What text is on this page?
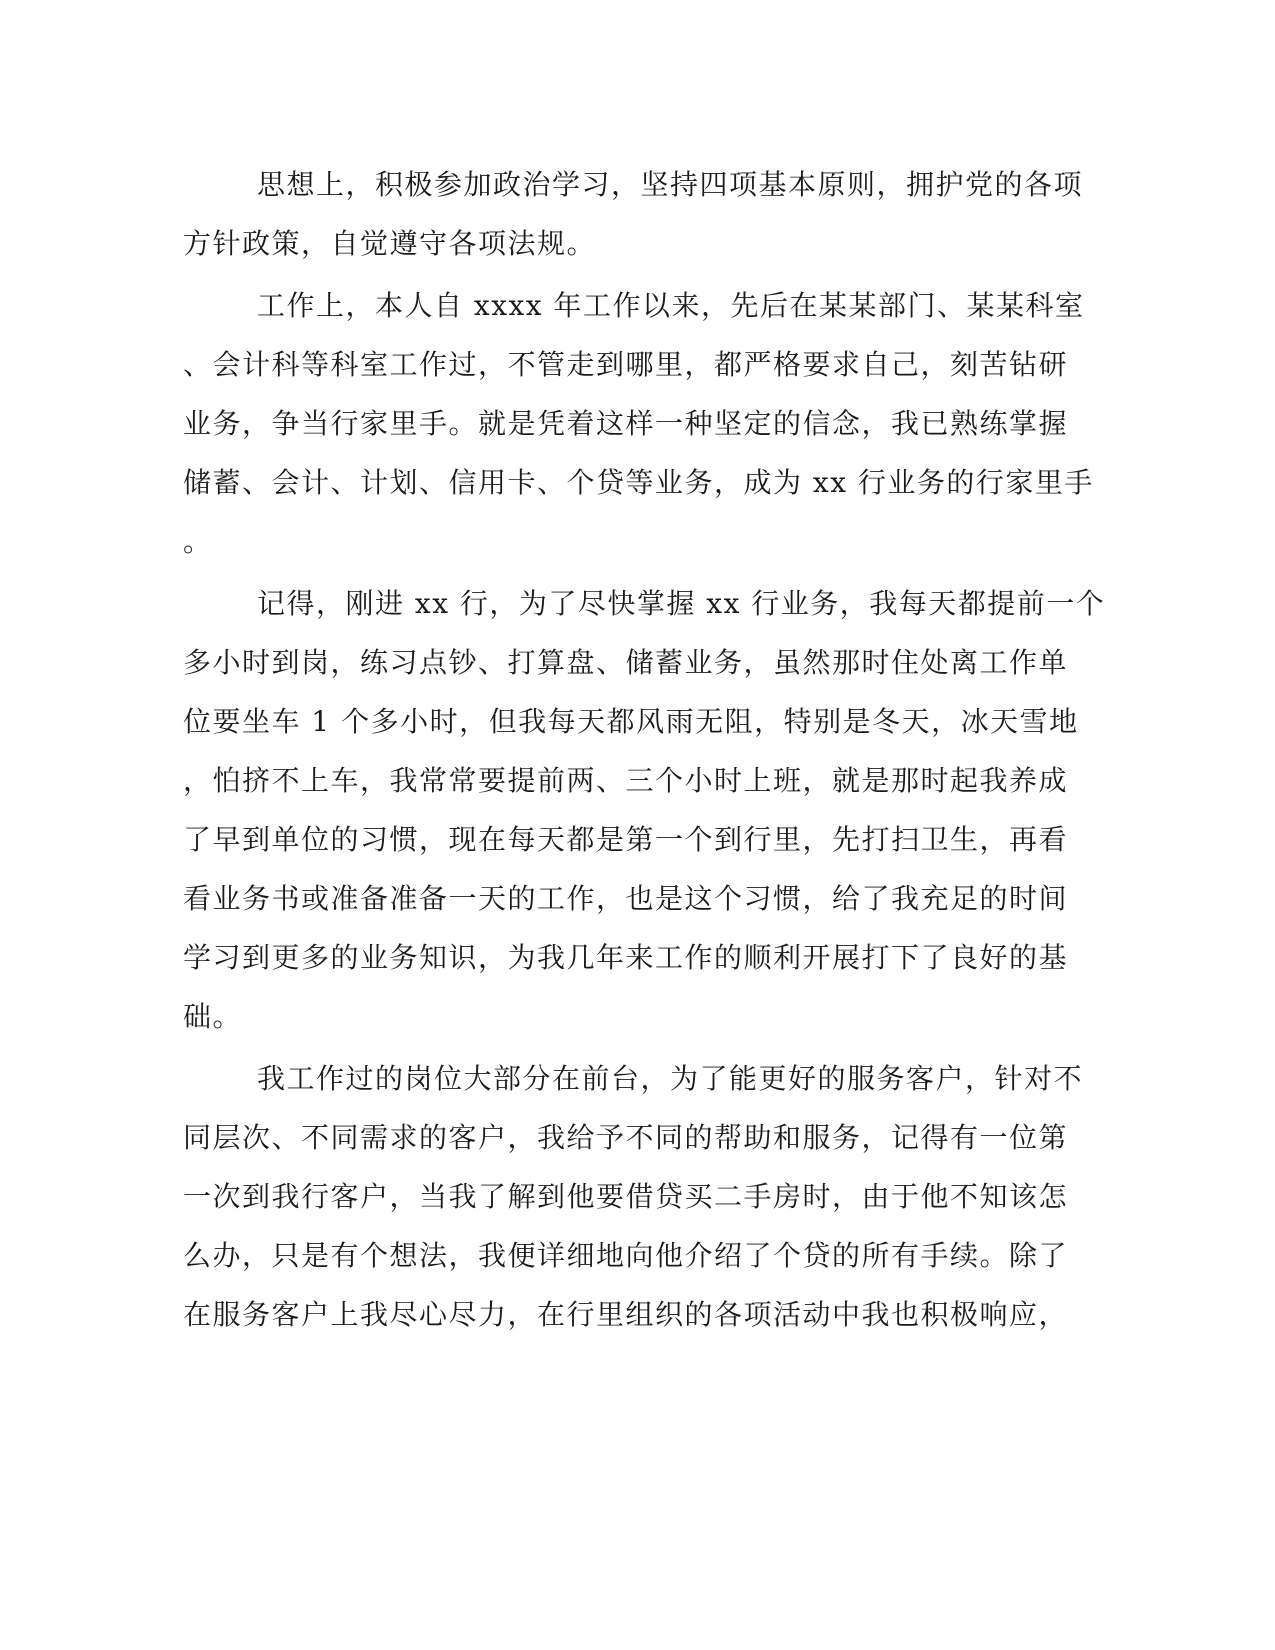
思想上，积极参加政治学习，坚持四项基本原则，拥护党的各项
方针政策，自觉遵守各项法规。
工作上，本人自 xxxx 年工作以来，先后在某某部门、某某科室
、会计科等科室工作过，不管走到哪里，都严格要求自己，刻苦钻研
业务，争当行家里手。就是凭着这样一种坚定的信念，我已熟练掌握
储蓄、会计、计划、信用卡、个贷等业务，成为 xx 行业务的行家里手
。
记得，刚进 xx 行，为了尽快掌握 xx 行业务，我每天都提前一个
多小时到岗，练习点钞、打算盘、储蓄业务，虽然那时住处离工作单
位要坐车 1 个多小时，但我每天都风雨无阻，特别是冬天，冰天雪地
，怕挤不上车，我常常要提前两、三个小时上班，就是那时起我养成
了早到单位的习惯，现在每天都是第一个到行里，先打扫卫生，再看
看业务书或准备准备一天的工作，也是这个习惯，给了我充足的时间
学习到更多的业务知识，为我几年来工作的顺利开展打下了良好的基
础。
我工作过的岗位大部分在前台，为了能更好的服务客户，针对不
同层次、不同需求的客户，我给予不同的帮助和服务，记得有一位第
一次到我行客户，当我了解到他要借贷买二手房时，由于他不知该怎
么办，只是有个想法，我便详细地向他介绍了个贷的所有手续。除了
在服务客户上我尽心尽力，在行里组织的各项活动中我也积极响应，
